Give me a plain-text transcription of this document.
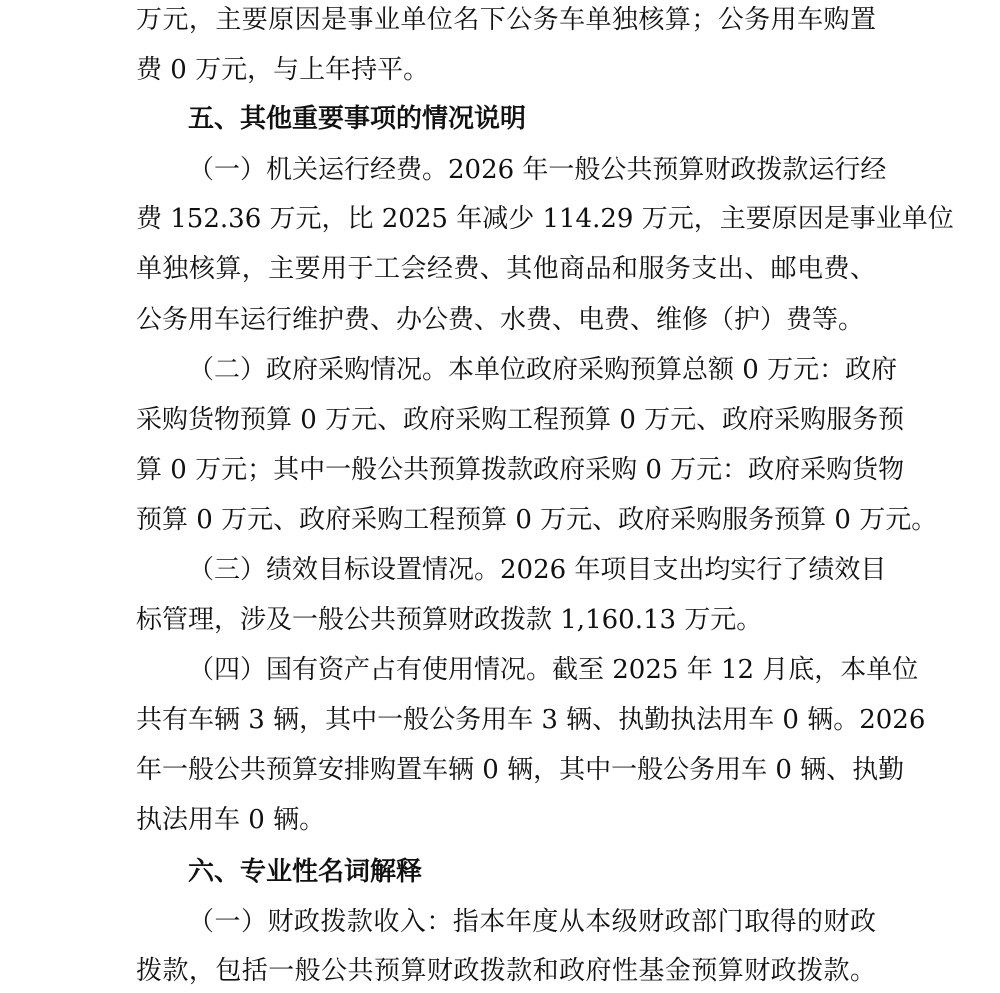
万元，主要原因是事业单位名下公务车单独核算；公务用车购置
费 0 万元，与上年持平。
五、其他重要事项的情况说明
（一）机关运行经费。2026 年一般公共预算财政拨款运行经
费 152.36 万元，比 2025 年减少 114.29 万元，主要原因是事业单位
单独核算，主要用于工会经费、其他商品和服务支出、邮电费、
公务用车运行维护费、办公费、水费、电费、维修（护）费等。
（二）政府采购情况。本单位政府采购预算总额 0 万元：政府
采购货物预算 0 万元、政府采购工程预算 0 万元、政府采购服务预
算 0 万元；其中一般公共预算拨款政府采购 0 万元：政府采购货物
预算 0 万元、政府采购工程预算 0 万元、政府采购服务预算 0 万元。
（三）绩效目标设置情况。2026 年项目支出均实行了绩效目
标管理，涉及一般公共预算财政拨款 1,160.13 万元。
（四）国有资产占有使用情况。截至 2025 年 12 月底，本单位
共有车辆 3 辆，其中一般公务用车 3 辆、执勤执法用车 0 辆。2026
年一般公共预算安排购置车辆 0 辆，其中一般公务用车 0 辆、执勤
执法用车 0 辆。
六、专业性名词解释
（一）财政拨款收入：指本年度从本级财政部门取得的财政
拨款，包括一般公共预算财政拨款和政府性基金预算财政拨款。
